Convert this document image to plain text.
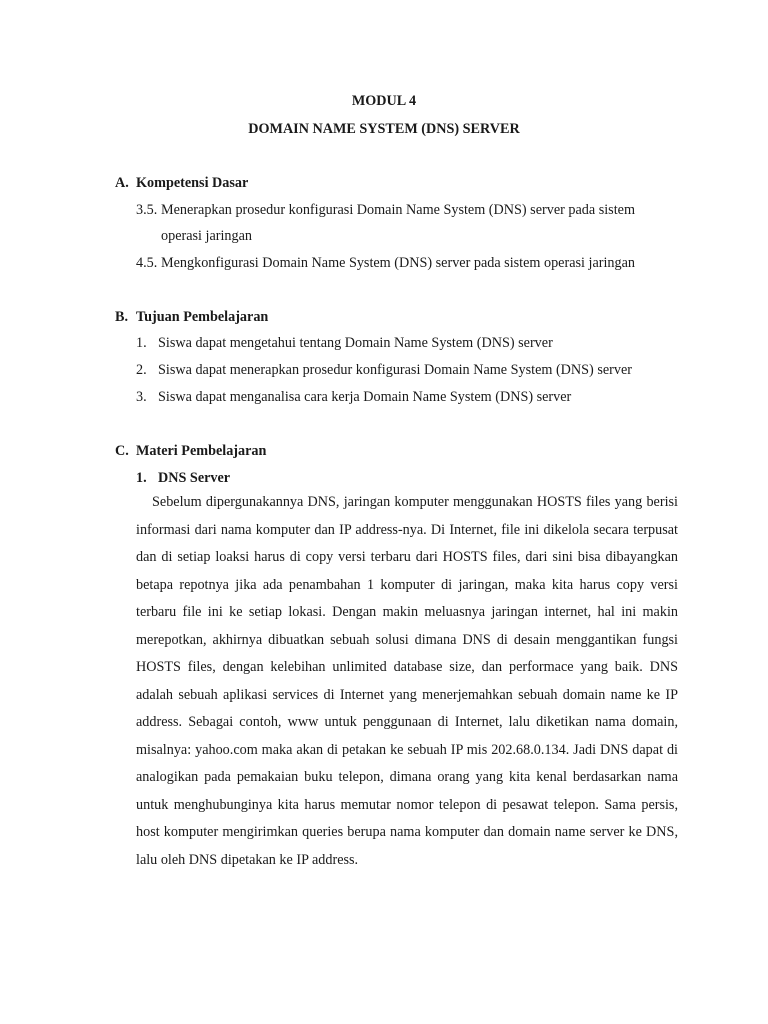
MODUL 4
DOMAIN NAME SYSTEM (DNS) SERVER
A. Kompetensi Dasar
3.5. Menerapkan prosedur konfigurasi Domain Name System (DNS) server pada sistem
operasi jaringan
4.5. Mengkonfigurasi Domain Name System (DNS) server pada sistem operasi jaringan
B. Tujuan Pembelajaran
1. Siswa dapat mengetahui tentang Domain Name System (DNS) server
2. Siswa dapat menerapkan prosedur konfigurasi Domain Name System (DNS) server
3. Siswa dapat menganalisa cara kerja Domain Name System (DNS) server
C. Materi Pembelajaran
1. DNS Server

Sebelum dipergunakannya DNS, jaringan komputer menggunakan HOSTS files yang berisi informasi dari nama komputer dan IP address-nya. Di Internet, file ini dikelola secara terpusat dan di setiap loaksi harus di copy versi terbaru dari HOSTS files, dari sini bisa dibayangkan betapa repotnya jika ada penambahan 1 komputer di jaringan, maka kita harus copy versi terbaru file ini ke setiap lokasi. Dengan makin meluasnya jaringan internet, hal ini makin merepotkan, akhirnya dibuatkan sebuah solusi dimana DNS di desain menggantikan fungsi HOSTS files, dengan kelebihan unlimited database size, dan performace yang baik. DNS adalah sebuah aplikasi services di Internet yang menerjemahkan sebuah domain name ke IP address. Sebagai contoh, www untuk penggunaan di Internet, lalu diketikan nama domain, misalnya: yahoo.com maka akan di petakan ke sebuah IP mis 202.68.0.134. Jadi DNS dapat di analogikan pada pemakaian buku telepon, dimana orang yang kita kenal berdasarkan nama untuk menghubunginya kita harus memutar nomor telepon di pesawat telepon. Sama persis, host komputer mengirimkan queries berupa nama komputer dan domain name server ke DNS, lalu oleh DNS dipetakan ke IP address.
